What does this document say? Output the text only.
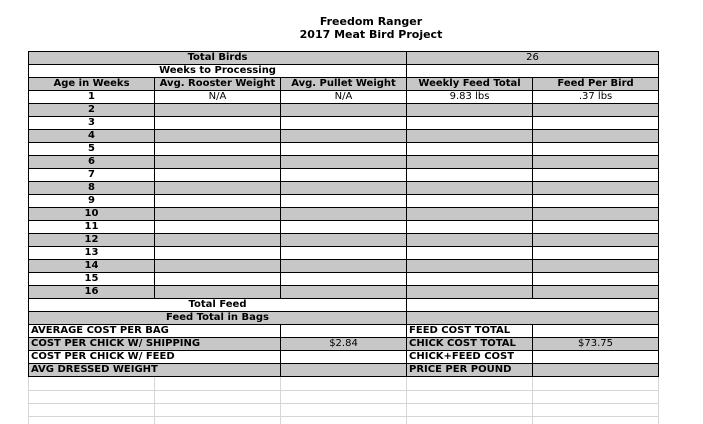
Freedom Ranger
2017 Meat Bird Project
Total Birds			26	
Weeks to Processing				
Age in Weeks	Avg. Rooster Weight	Avg. Pullet Weight	Weekly Feed Total	Feed Per Bird
1	N/A	N/A	9.83 lbs	.37 lbs
2				
3				
4				
5				
6				
7				
8				
9				
10				
11				
12				
13				
14				
15				
16				
Total Feed				
Feed Total in Bags				
AVERAGE COST PER BAG			FEED COST TOTAL	
COST PER CHICK W/ SHIPPING		$2.84	CHICK COST TOTAL	$73.75
COST PER CHICK W/ FEED			CHICK+FEED COST	
AVG DRESSED WEIGHT			PRICE PER POUND	
